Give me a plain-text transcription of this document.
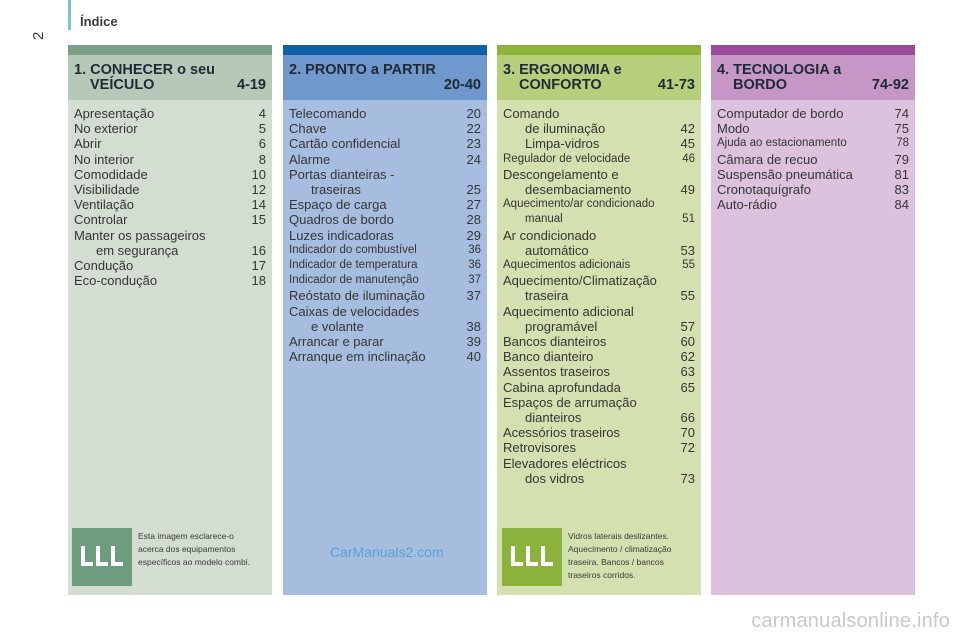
2
Índice
1. CONHECER o seu
VEÍCULO	4-19
Apresentação	4
No exterior	5
Abrir	6
No interior	8
Comodidade	10
Visibilidade	12
Ventilação	14
Controlar	15
Manter os passageiros
em segurança	16
Condução	17
Eco-condução	18
2. PRONTO a PARTIR
20-40
Telecomando	20
Chave	22
Cartão confidencial	23
Alarme	24
Portas dianteiras -
traseiras	25
Espaço de carga	27
Quadros de bordo	28
Luzes indicadoras	29
Indicador do combustível	36
Indicador de temperatura	36
Indicador de manutenção	37
Reóstato de iluminação	37
Caixas de velocidades
e volante	38
Arrancar e parar	39
Arranque em inclinação	40
3. ERGONOMIA e
CONFORTO	41-73
Comando
de iluminação	42
Limpa-vidros	45
Regulador de velocidade	46
Descongelamento e
desembaciamento	49
Aquecimento/ar condicionado
manual	51
Ar condicionado
automático	53
Aquecimentos adicionais	55
Aquecimento/Climatização
traseira	55
Aquecimento adicional
programável	57
Bancos dianteiros	60
Banco dianteiro	62
Assentos traseiros	63
Cabina aprofundada	65
Espaços de arrumação
dianteiros	66
Acessórios traseiros	70
Retrovisores	72
Elevadores eléctricos
dos vidros	73
4. TECNOLOGIA a
BORDO	74-92
Computador de bordo	74
Modo	75
Ajuda ao estacionamento	78
Câmara de recuo	79
Suspensão pneumática	81
Cronotaquígrafo	83
Auto-rádio	84
Esta imagem esclarece-o acerca dos equipamentos específicos ao modelo combi.
Vidros laterais deslizantes. Aquecimento / climatização traseira. Bancos / bancos traseiros corridos.
CarManuals2.com
carmanualsonline.info
